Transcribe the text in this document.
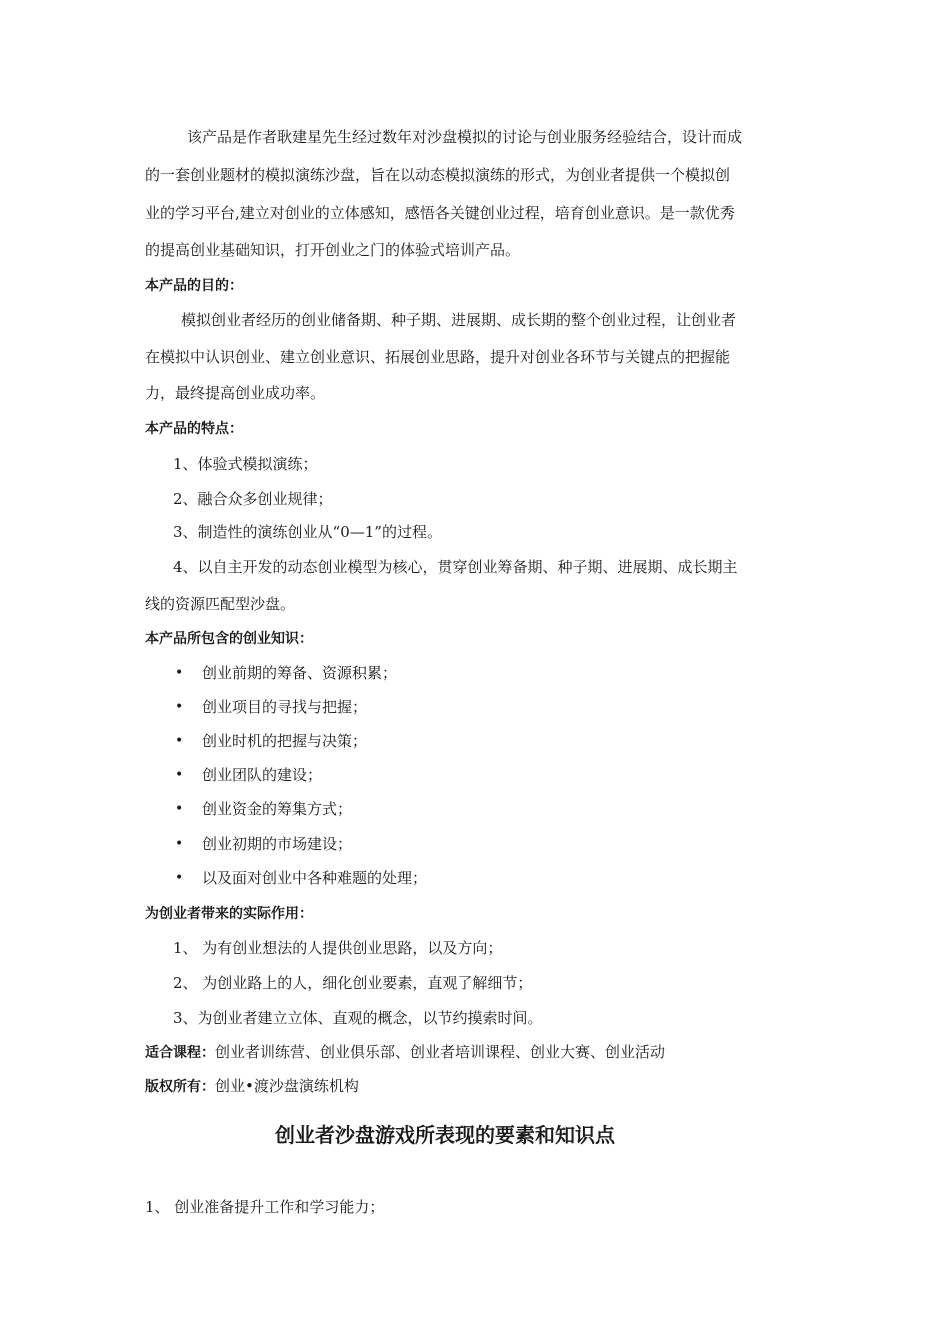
该产品是作者耿建星先生经过数年对沙盘模拟的讨论与创业服务经验结合，设计而成
的一套创业题材的模拟演练沙盘，旨在以动态模拟演练的形式，为创业者提供一个模拟创
业的学习平台,建立对创业的立体感知，感悟各关键创业过程，培育创业意识。是一款优秀
的提高创业基础知识，打开创业之门的体验式培训产品。
本产品的目的：
模拟创业者经历的创业储备期、种子期、进展期、成长期的整个创业过程，让创业者
在模拟中认识创业、建立创业意识、拓展创业思路，提升对创业各环节与关键点的把握能
力，最终提高创业成功率。
本产品的特点：
1、体验式模拟演练；
2、融合众多创业规律；
3、制造性的演练创业从“0—1”的过程。
4、以自主开发的动态创业模型为核心，贯穿创业筹备期、种子期、进展期、成长期主
线的资源匹配型沙盘。
本产品所包含的创业知识：
• 创业前期的筹备、资源积累；
• 创业项目的寻找与把握；
• 创业时机的把握与决策；
• 创业团队的建设；
• 创业资金的筹集方式；
• 创业初期的市场建设；
• 以及面对创业中各种难题的处理；
为创业者带来的实际作用：
1、 为有创业想法的人提供创业思路，以及方向；
2、 为创业路上的人，细化创业要素，直观了解细节；
3、为创业者建立立体、直观的概念，以节约摸索时间。
适合课程：创业者训练营、创业俱乐部、创业者培训课程、创业大赛、创业活动
版权所有：创业•渡沙盘演练机构
创业者沙盘游戏所表现的要素和知识点
1、 创业准备提升工作和学习能力；
